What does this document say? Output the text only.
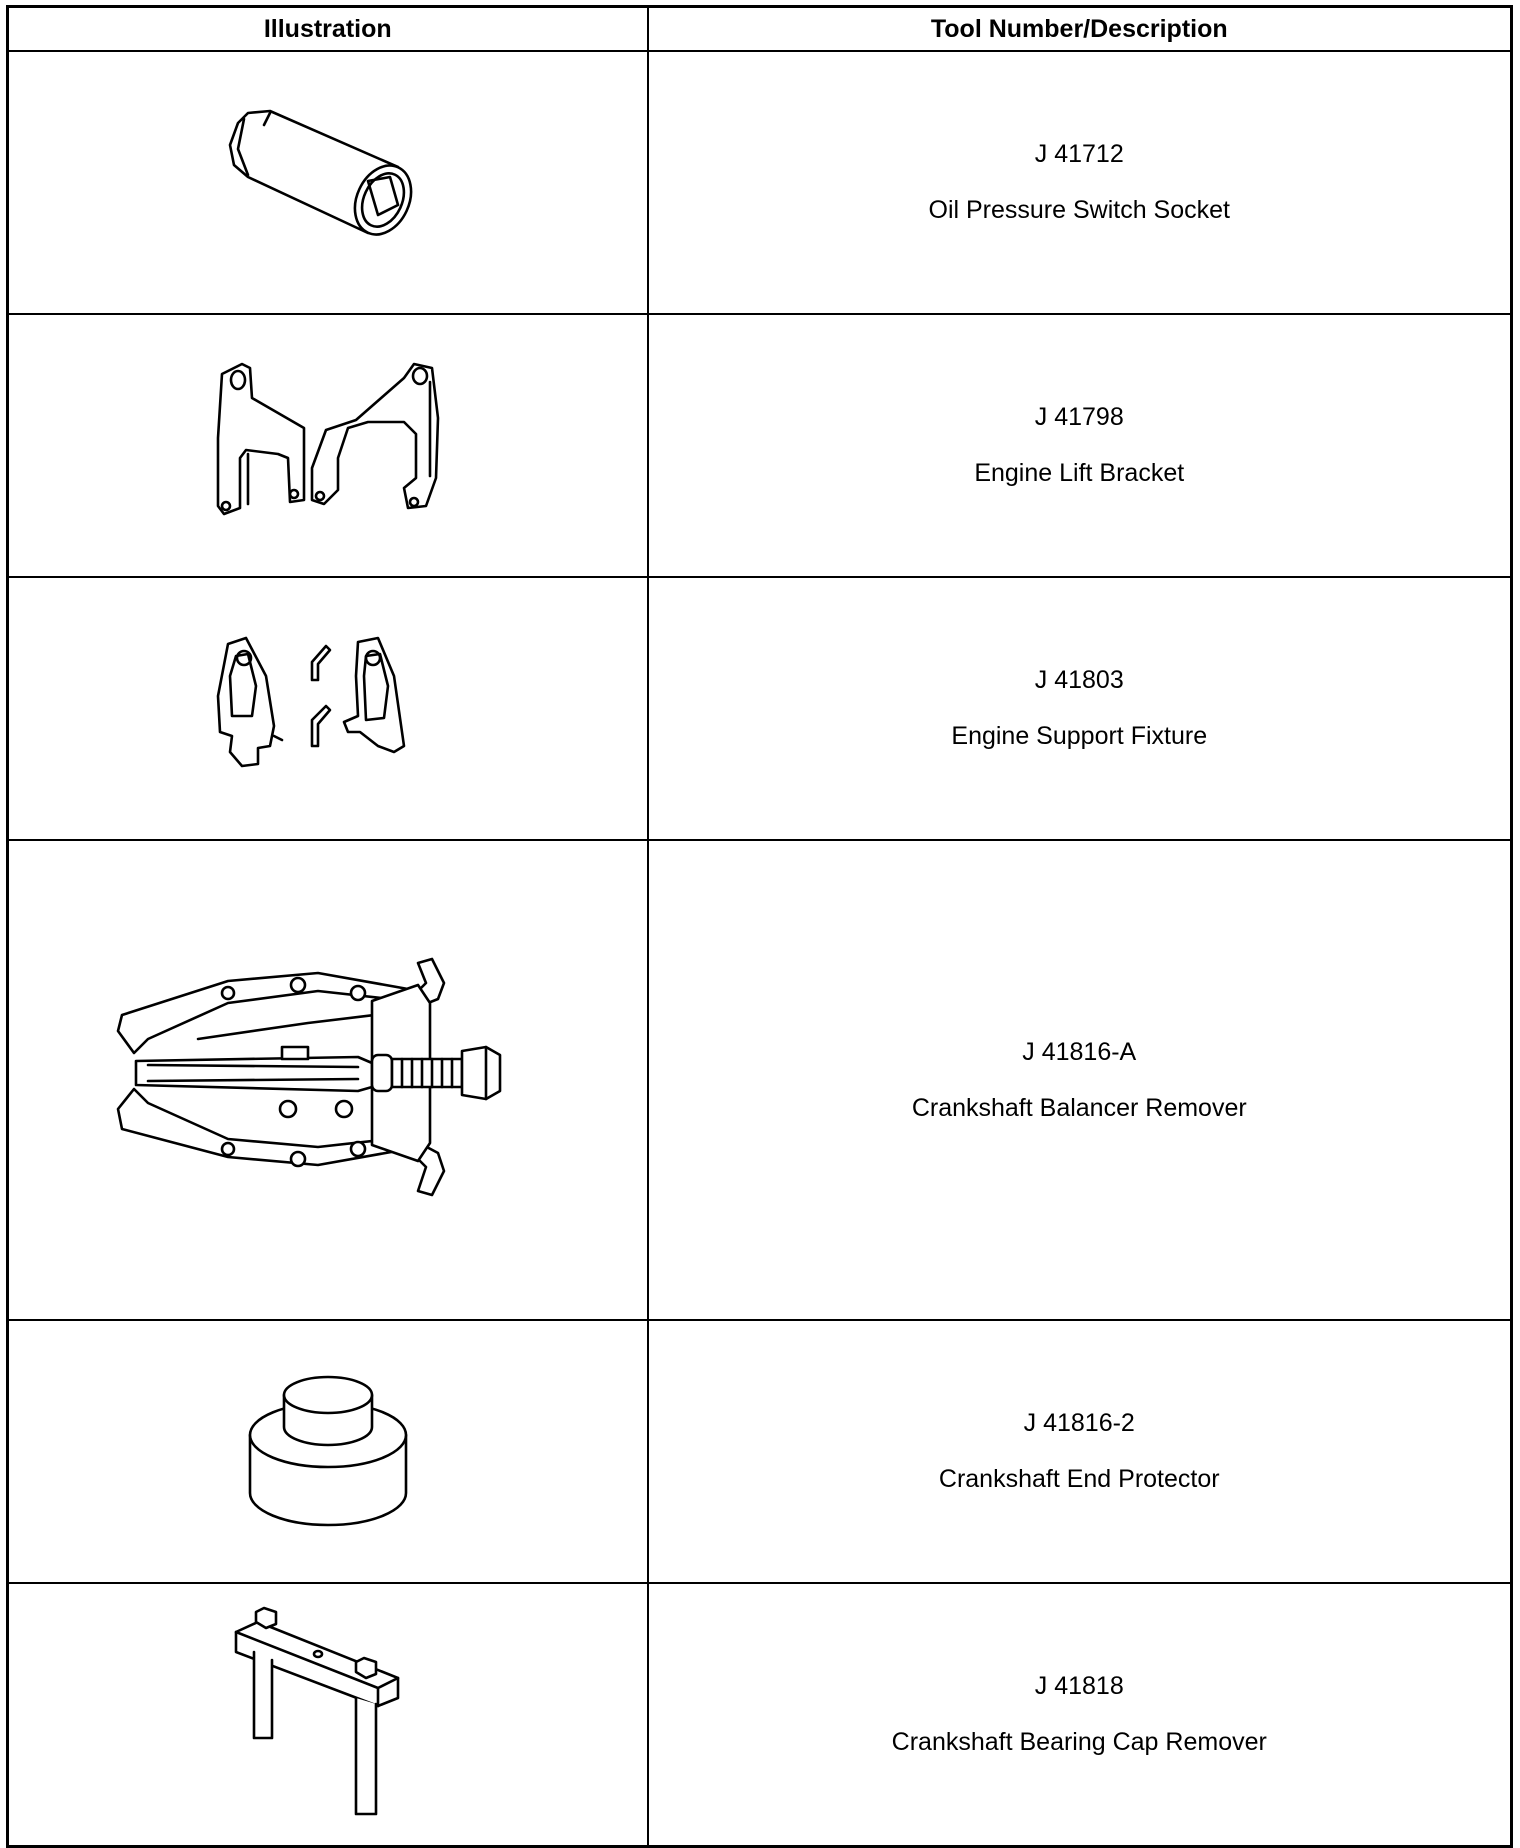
Illustration	Tool Number/Description

J 41712
Oil Pressure Switch Socket

J 41798
Engine Lift Bracket

J 41803
Engine Support Fixture

J 41816-A
Crankshaft Balancer Remover

J 41816-2
Crankshaft End Protector

J 41818
Crankshaft Bearing Cap Remover
